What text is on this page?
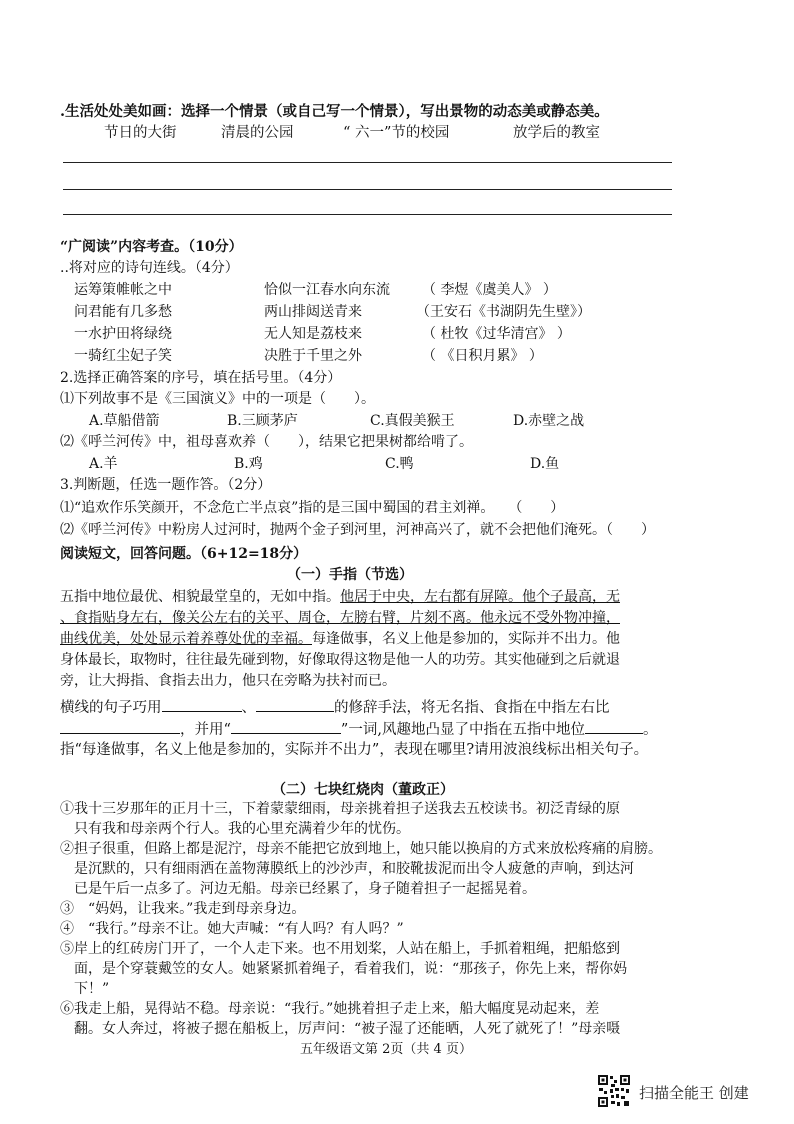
.生活处处美如画：选择一个情景（或自己写一个情景），写出景物的动态美或静态美。
节日的大街	清晨的公园	“ 六一”节的校园	放学后的教室
“广阅读”内容考查。（10分）
..将对应的诗句连线。（4分）
运筹策帷帐之中	恰似一江春水向东流 （ 李煜《虞美人》 ）
问君能有几多愁	两山排闼送青来	（王安石《书湖阴先生壁》）
一水护田将绿绕	无人知是荔枝来	（ 杜牧《过华清宫》 ）
一骑红尘妃子笑	决胜于千里之外	（ 《日积月累》 ）
2.选择正确答案的序号，填在括号里。（4分）
⑴下列故事不是《三国演义》中的一项是（　　）。
A.草船借箭	B.三顾茅庐	C.真假美猴王	D.赤壁之战
⑵《呼兰河传》中，祖母喜欢养（　　），结果它把果树都给啃了。
A.羊	B.鸡	C.鸭	D.鱼
3.判断题，任选一题作答。（2分）
⑴“追欢作乐笑颜开，不念危亡半点哀”指的是三国中蜀国的君主刘禅。　　（　　）
⑵《呼兰河传》中粉房人过河时，抛两个金子到河里，河神高兴了，就不会把他们淹死。（　　）
阅读短文，回答问题。（6+12=18分）
（一）手指（节选）
五指中地位最优、相貌最堂皇的，无如中指。他居于中央，左右都有屏障。他个子最高，无
、食指贴身左右，像关公左右的关平、周仓，左膀右臂，片刻不离。他永远不受外物冲撞，
曲线优美，处处显示着养尊处优的幸福。每逢做事，名义上他是参加的，实际并不出力。他
身体最长，取物时，往往最先碰到物，好像取得这物是他一人的功劳。其实他碰到之后就退
旁，让大拇指、食指去出力，他只在旁略为扶衬而已。
横线的句子巧用	、	的修辞手法，将无名指、食指在中指左右比
，并用“	”一词,风趣地凸显了中指在五指中地位	。
指“每逢做事，名义上他是参加的，实际并不出力”，表现在哪里?请用波浪线标出相关句子。
（二）七块红烧肉（董政正）
①我十三岁那年的正月十三，下着蒙蒙细雨，母亲挑着担子送我去五校读书。初泛青绿的原
　只有我和母亲两个行人。我的心里充满着少年的忧伤。
②担子很重，但路上都是泥泞，母亲不能把它放到地上，她只能以换肩的方式来放松疼痛的肩膀。
　是沉默的，只有细雨洒在盖物薄膜纸上的沙沙声，和胶靴拔泥而出令人疲惫的声响，到达河
　已是午后一点多了。河边无船。母亲已经累了，身子随着担子一起摇晃着。
③　“妈妈，让我来。”我走到母亲身边。
④　“我行。”母亲不让。她大声喊：“有人吗？有人吗？”
⑤岸上的红砖房门开了，一个人走下来。也不用划桨，人站在船上，手抓着粗绳，把船悠到
　面，是个穿蓑戴笠的女人。她紧紧抓着绳子，看着我们，说：“那孩子，你先上来，帮你妈
　下！”
⑥我走上船，晃得站不稳。母亲说：“我行。”她挑着担子走上来，船大幅度晃动起来，差
　翻。女人奔过，将被子摁在船板上，厉声问：“被子湿了还能晒，人死了就死了！”母亲嗫
五年级语文第 2页（共 4 页）
扫描全能王 创建
